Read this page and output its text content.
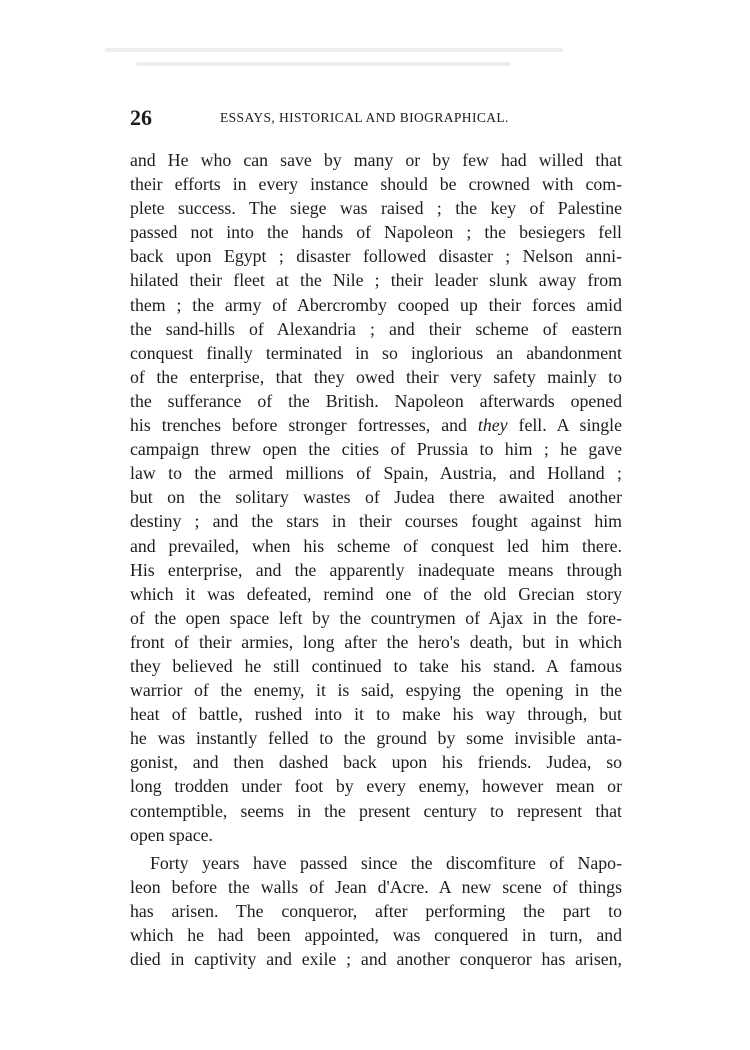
26	ESSAYS, HISTORICAL AND BIOGRAPHICAL.
and He who can save by many or by few had willed that
their efforts in every instance should be crowned with com-
plete success. The siege was raised ; the key of Palestine
passed not into the hands of Napoleon ; the besiegers fell
back upon Egypt ; disaster followed disaster ; Nelson anni-
hilated their fleet at the Nile ; their leader slunk away from
them ; the army of Abercromby cooped up their forces amid
the sand-hills of Alexandria ; and their scheme of eastern
conquest finally terminated in so inglorious an abandonment
of the enterprise, that they owed their very safety mainly to
the sufferance of the British. Napoleon afterwards opened
his trenches before stronger fortresses, and they fell. A single
campaign threw open the cities of Prussia to him ; he gave
law to the armed millions of Spain, Austria, and Holland ;
but on the solitary wastes of Judea there awaited another
destiny ; and the stars in their courses fought against him
and prevailed, when his scheme of conquest led him there.
His enterprise, and the apparently inadequate means through
which it was defeated, remind one of the old Grecian story
of the open space left by the countrymen of Ajax in the fore-
front of their armies, long after the hero's death, but in which
they believed he still continued to take his stand. A famous
warrior of the enemy, it is said, espying the opening in the
heat of battle, rushed into it to make his way through, but
he was instantly felled to the ground by some invisible anta-
gonist, and then dashed back upon his friends. Judea, so
long trodden under foot by every enemy, however mean or
contemptible, seems in the present century to represent that
open space.
Forty years have passed since the discomfiture of Napo-
leon before the walls of Jean d'Acre. A new scene of things
has arisen. The conqueror, after performing the part to
which he had been appointed, was conquered in turn, and
died in captivity and exile ; and another conqueror has arisen,
